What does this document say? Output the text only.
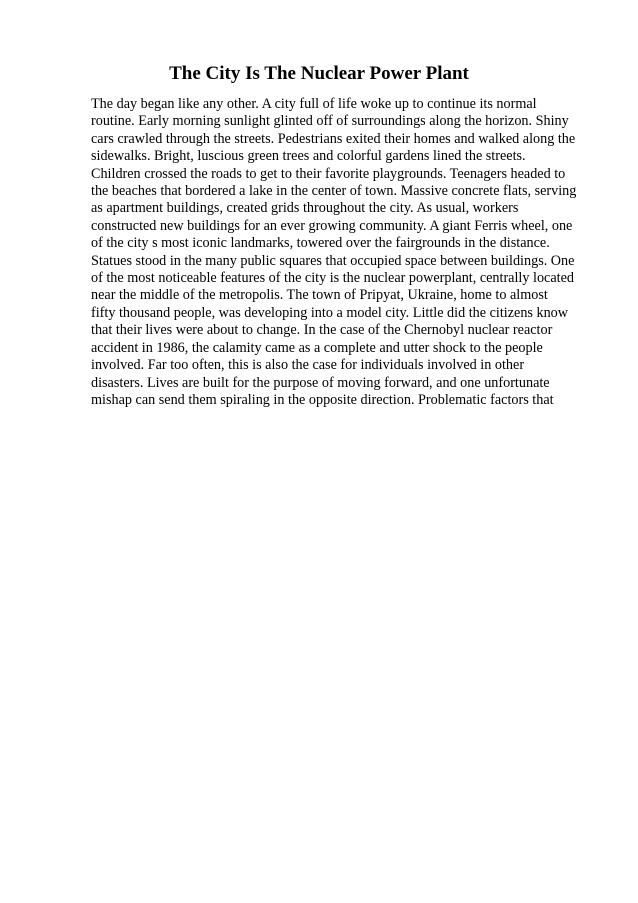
The City Is The Nuclear Power Plant
The day began like any other. A city full of life woke up to continue its normal
routine. Early morning sunlight glinted off of surroundings along the horizon. Shiny
cars crawled through the streets. Pedestrians exited their homes and walked along the
sidewalks. Bright, luscious green trees and colorful gardens lined the streets.
Children crossed the roads to get to their favorite playgrounds. Teenagers headed to
the beaches that bordered a lake in the center of town. Massive concrete flats, serving
as apartment buildings, created grids throughout the city. As usual, workers
constructed new buildings for an ever growing community. A giant Ferris wheel, one
of the city s most iconic landmarks, towered over the fairgrounds in the distance.
Statues stood in the many public squares that occupied space between buildings. One
of the most noticeable features of the city is the nuclear powerplant, centrally located
near the middle of the metropolis. The town of Pripyat, Ukraine, home to almost
fifty thousand people, was developing into a model city. Little did the citizens know
that their lives were about to change. In the case of the Chernobyl nuclear reactor
accident in 1986, the calamity came as a complete and utter shock to the people
involved. Far too often, this is also the case for individuals involved in other
disasters. Lives are built for the purpose of moving forward, and one unfortunate
mishap can send them spiraling in the opposite direction. Problematic factors that
